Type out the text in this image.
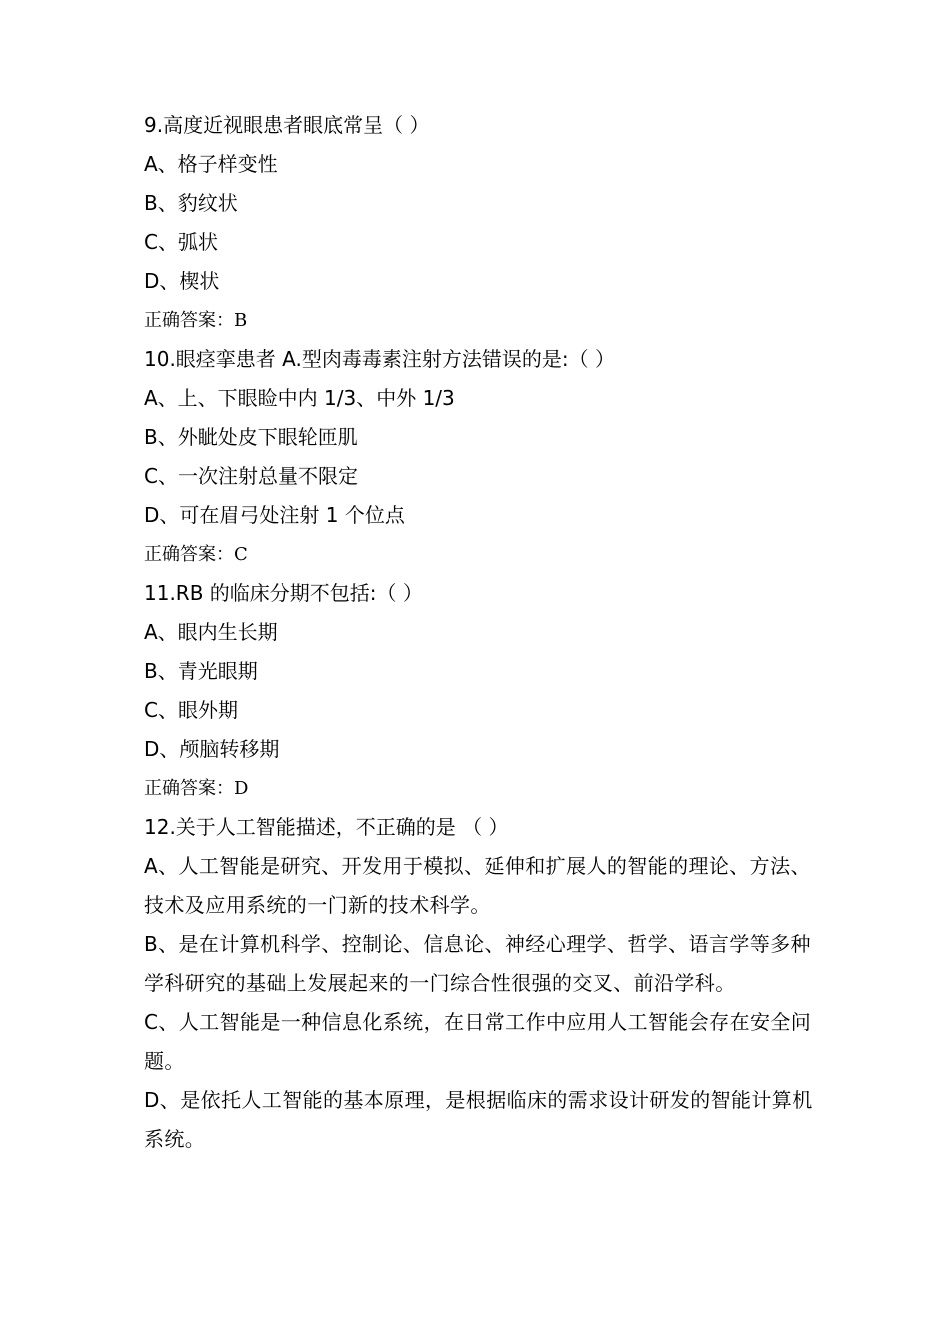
9.高度近视眼患者眼底常呈（ ）
A、格子样变性
B、豹纹状
C、弧状
D、楔状
正确答案：B
10.眼痉挛患者 A.型肉毒毒素注射方法错误的是:（ ）
A、上、下眼睑中内 1/3、中外 1/3
B、外眦处皮下眼轮匝肌
C、一次注射总量不限定
D、可在眉弓处注射 1 个位点
正确答案：C
11.RB 的临床分期不包括:（ ）
A、眼内生长期
B、青光眼期
C、眼外期
D、颅脑转移期
正确答案：D
12.关于人工智能描述，不正确的是 （ ）
A、人工智能是研究、开发用于模拟、延伸和扩展人的智能的理论、方法、技术及应用系统的一门新的技术科学。
B、是在计算机科学、控制论、信息论、神经心理学、哲学、语言学等多种学科研究的基础上发展起来的一门综合性很强的交叉、前沿学科。
C、人工智能是一种信息化系统，在日常工作中应用人工智能会存在安全问题。
D、是依托人工智能的基本原理，是根据临床的需求设计研发的智能计算机系统。
